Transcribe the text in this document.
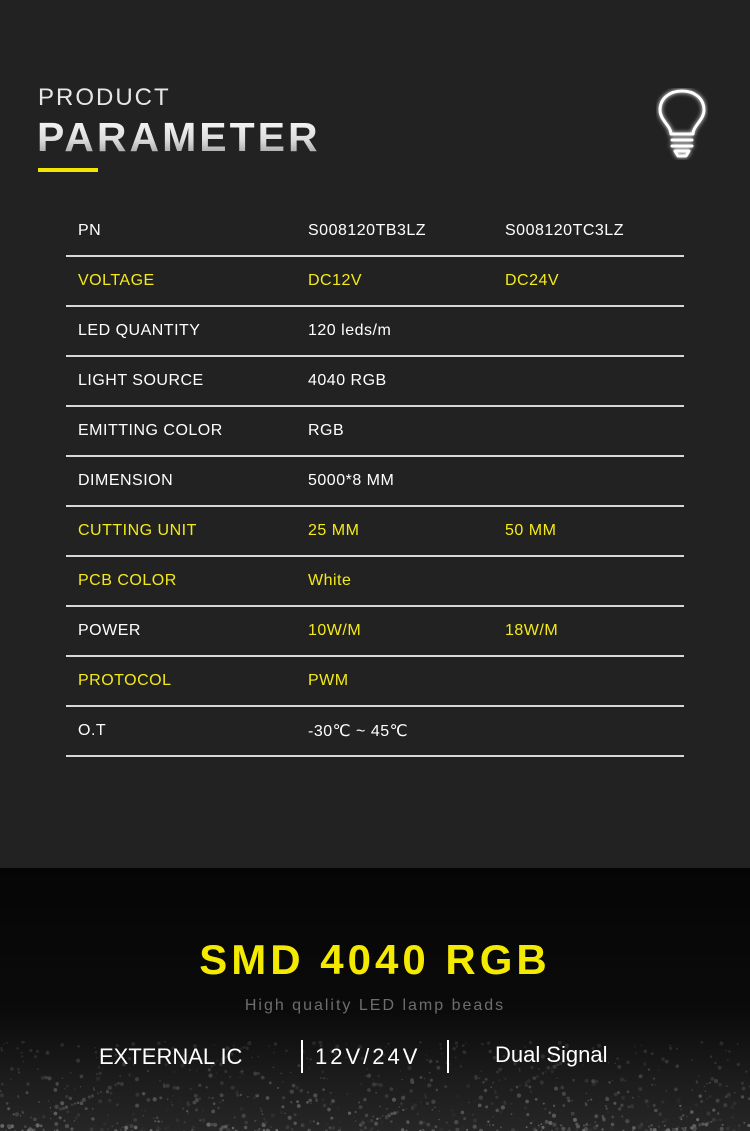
PRODUCT
PARAMETER
PN	S008120TB3LZ	S008120TC3LZ
VOLTAGE	DC12V	DC24V
LED QUANTITY	120 leds/m	
LIGHT SOURCE	4040 RGB	
EMITTING COLOR	RGB	
DIMENSION	5000*8 MM	
CUTTING UNIT	25 MM	50 MM
PCB COLOR	White	
POWER	10W/M	18W/M
PROTOCOL	PWM	
O.T	-30℃ ~ 45℃	
SMD 4040 RGB
High quality LED lamp beads
EXTERNAL IC	12V/24V	Dual Signal
